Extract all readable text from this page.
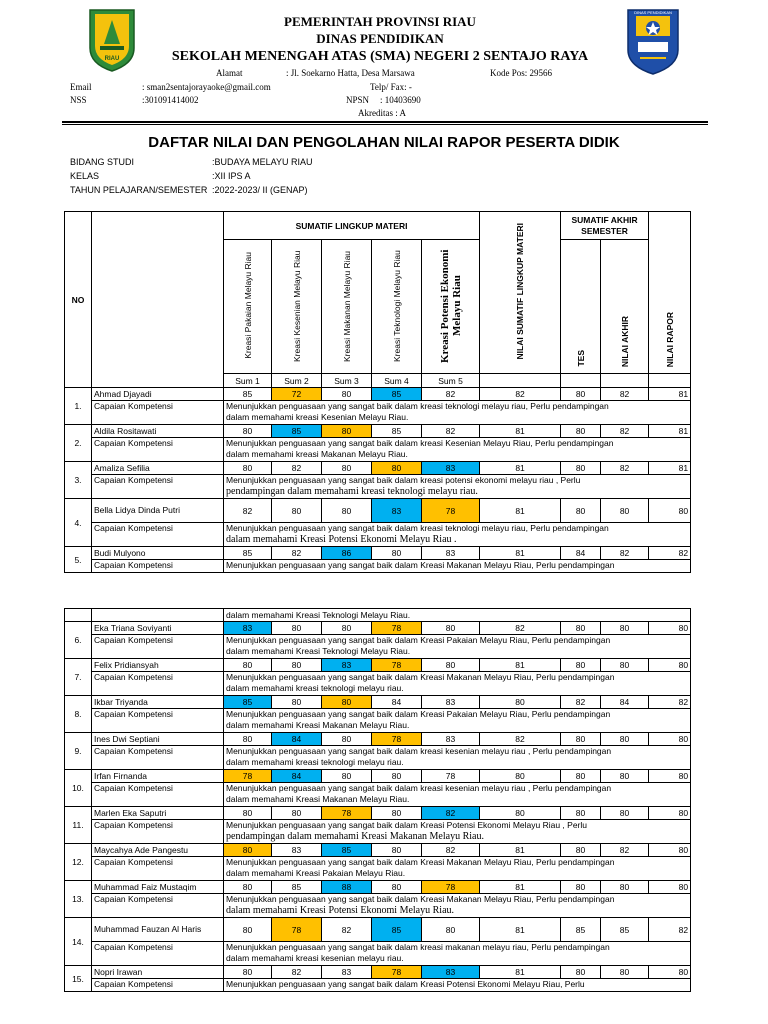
RIAU
PEMERINTAH PROVINSI RIAU
DINAS PENDIDIKAN
SEKOLAH MENENGAH ATAS (SMA) NEGERI 2 SENTAJO RAYA
DINAS PENDIDIKAN
Alamat	: Jl. Soekarno Hatta, Desa Marsawa	Kode Pos: 29566
Email	: sman2sentajorayaoke@gmail.com	Telp/ Fax: -
NSS	:301091414002	NPSN : 10403690
Akreditas : A
DAFTAR NILAI DAN PENGOLAHAN NILAI RAPOR PESERTA DIDIK
BIDANG STUDI	:BUDAYA MELAYU RIAU
KELAS	:XII IPS A
TAHUN PELAJARAN/SEMESTER :2022-2023/ II (GENAP)
NO		SUMATIF LINGKUP MATERI					NILAI SUMATIF LINGKUP MATERI	SUMATIF AKHIR SEMESTER		NILAI RAPOR
		Kreasi Pakaian Melayu Riau	Kreasi Kesenian Melayu Riau	Kreasi Makanan Melayu Riau	Kreasi Teknologi Melayu Riau	Kreasi Potensi Ekonomi Melayu Riau		TES	NILAI AKHIR	
		Sum 1	Sum 2	Sum 3	Sum 4	Sum 5				
1.	Ahmad Djayadi	85	72	80	85	82	82	80	82	81
	Capaian Kompetensi	Menunjukkan penguasaan yang sangat baik dalam kreasi teknologi melayu riau, Perlu pendampingan
dalam memahami kreasi Kesenian Melayu Riau.								

2.	Aldila Rositawati	80	85	80	85	82	81	80	82	81
	Capaian Kompetensi	Menunjukkan penguasaan yang sangat baik dalam kreasi Kesenian Melayu Riau, Perlu pendampingan
dalam memahami kreasi Makanan Melayu Riau.								

3.	Amaliza Sefilia	80	82	80	80	83	81	80	82	81
	Capaian Kompetensi	Menunjukkan penguasaan yang sangat baik dalam kreasi potensi ekonomi melayu riau , Perlu
pendampingan dalam memahami kreasi teknologi melayu riau.								

4.	Bella Lidya Dinda Putri	82	80	80	83	78	81	80	80	80
	Capaian Kompetensi	Menunjukkan penguasaan yang sangat baik dalam kreasi teknologi melayu riau, Perlu pendampingan
dalam memahami Kreasi Potensi Ekonomi Melayu Riau .								

5.	Budi Mulyono	85	82	86	80	83	81	84	82	82
	Capaian Kompetensi	Menunjukkan penguasaan yang sangat baik dalam Kreasi Makanan Melayu Riau, Perlu pendampingan								
		dalam memahami Kreasi Teknologi Melayu Riau.								
6.	Eka Triana Soviyanti	83	80	80	78	80	82	80	80	80
	Capaian Kompetensi	Menunjukkan penguasaan yang sangat baik dalam Kreasi Pakaian Melayu Riau, Perlu pendampingan
dalam memahami Kreasi Teknologi Melayu Riau.								

7.	Felix Pridiansyah	80	80	83	78	80	81	80	80	80
	Capaian Kompetensi	Menunjukkan penguasaan yang sangat baik dalam Kreasi Makanan Melayu Riau, Perlu pendampingan
dalam memahami kreasi teknologi melayu riau.								

8.	Ikbar Triyanda	85	80	80	84	83	80	82	84	82
	Capaian Kompetensi	Menunjukkan penguasaan yang sangat baik dalam Kreasi Pakaian Melayu Riau, Perlu pendampingan
dalam memahami Kreasi Makanan Melayu Riau.								

9.	Ines Dwi Septiani	80	84	80	78	83	82	80	80	80
	Capaian Kompetensi	Menunjukkan penguasaan yang sangat baik dalam kreasi kesenian melayu riau , Perlu pendampingan
dalam memahami kreasi teknologi melayu riau.								

10.	Irfan Firnanda	78	84	80	80	78	80	80	80	80
	Capaian Kompetensi	Menunjukkan penguasaan yang sangat baik dalam kreasi kesenian melayu riau , Perlu pendampingan
dalam memahami Kreasi Makanan Melayu Riau.								

11.	Marlen Eka Saputri	80	80	78	80	82	80	80	80	80
	Capaian Kompetensi	Menunjukkan penguasaan yang sangat baik dalam Kreasi Potensi Ekonomi Melayu Riau , Perlu
pendampingan dalam memahami Kreasi Makanan Melayu Riau.								

12.	Maycahya Ade Pangestu	80	83	85	80	82	81	80	82	80
	Capaian Kompetensi	Menunjukkan penguasaan yang sangat baik dalam Kreasi Makanan Melayu Riau, Perlu pendampingan
dalam memahami Kreasi Pakaian Melayu Riau.								

13.	Muhammad Faiz Mustaqim	80	85	88	80	78	81	80	80	80
	Capaian Kompetensi	Menunjukkan penguasaan yang sangat baik dalam Kreasi Makanan Melayu Riau, Perlu pendampingan
dalam memahami Kreasi Potensi Ekonomi Melayu Riau.								

14.	Muhammad Fauzan Al Haris	80	78	82	85	80	81	85	85	82
	Capaian Kompetensi	Menunjukkan penguasaan yang sangat baik dalam kreasi makanan melayu riau, Perlu pendampingan
dalam memahami kreasi kesenian melayu riau.								

15.	Nopri Irawan	80	82	83	78	83	81	80	80	80
	Capaian Kompetensi	Menunjukkan penguasaan yang sangat baik dalam Kreasi Potensi Ekonomi Melayu Riau, Perlu								
